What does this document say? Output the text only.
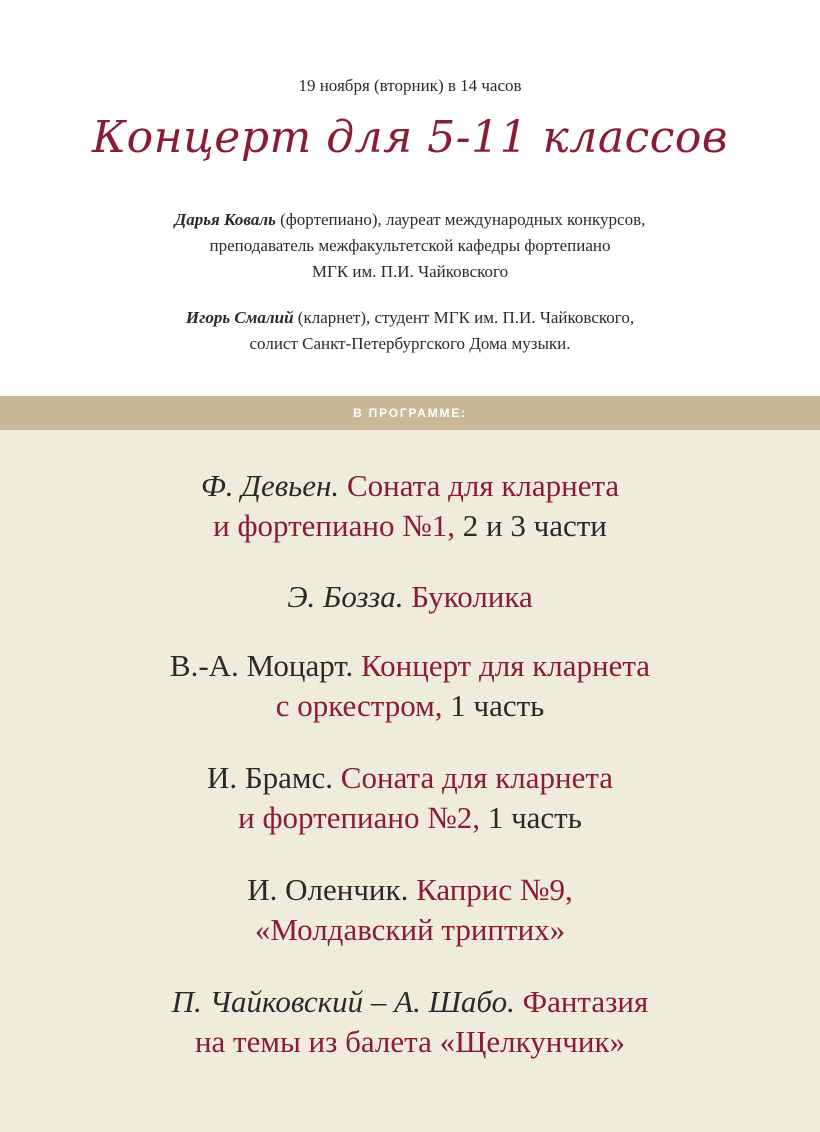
19 ноября (вторник) в 14 часов
Концерт для 5-11 классов
Дарья Коваль (фортепиано), лауреат международных конкурсов,
преподаватель межфакультетской кафедры фортепиано
МГК им. П.И. Чайковского
Игорь Смалий (кларнет), студент МГК им. П.И. Чайковского,
солист Санкт-Петербургского Дома музыки.
В ПРОГРАММЕ:
Ф. Девьен. Соната для кларнета
и фортепиано №1, 2 и 3 части
Э. Бозза. Буколика
В.-А. Моцарт. Концерт для кларнета
с оркестром, 1 часть
И. Брамс. Соната для кларнета
и фортепиано №2, 1 часть
И. Оленчик. Каприс №9,
«Молдавский триптих»
П. Чайковский – А. Шабо. Фантазия
на темы из балета «Щелкунчик»
